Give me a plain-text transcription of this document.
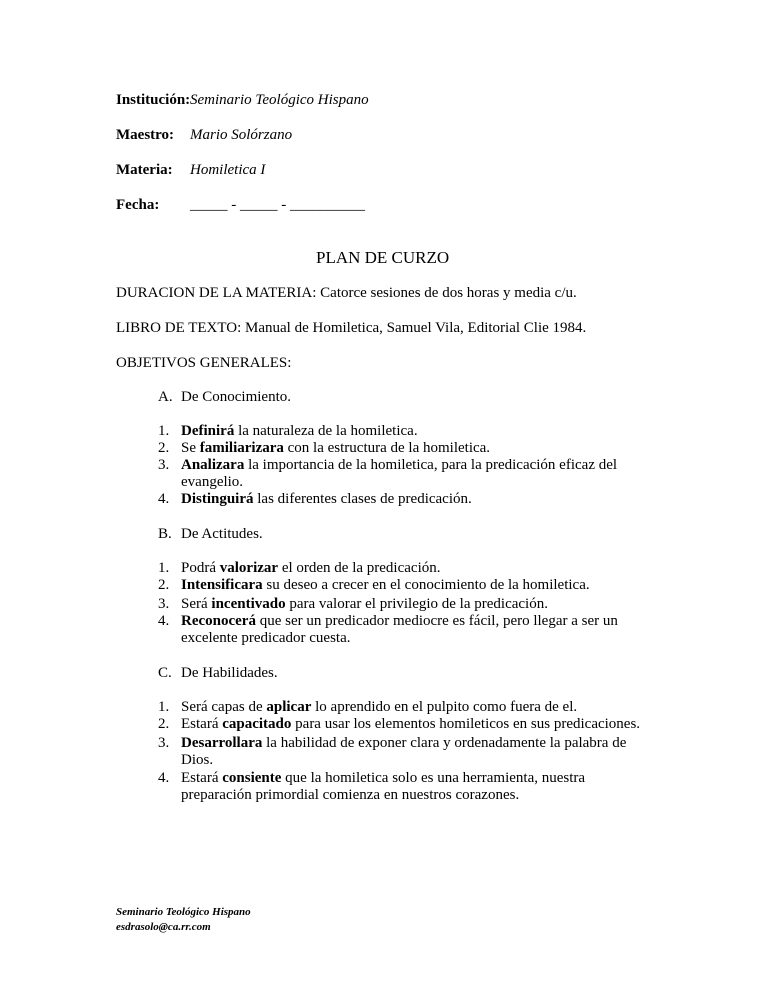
Institución: Seminario Teológico Hispano
Maestro: Mario Solórzano
Materia: Homiletica I
Fecha: _____ - _____ - __________
PLAN DE CURZO
DURACION DE LA MATERIA: Catorce sesiones de dos horas y media c/u.
LIBRO DE TEXTO: Manual de Homiletica, Samuel Vila, Editorial Clie 1984.
OBJETIVOS GENERALES:
A. De Conocimiento.
1. Definirá la naturaleza de la homiletica.
2. Se familiarizara con la estructura de la homiletica.
3. Analizara la importancia de la homiletica, para la predicación eficaz del evangelio.
4. Distinguirá las diferentes clases de predicación.
B. De Actitudes.
1. Podrá valorizar el orden de la predicación.
2. Intensificara su deseo a crecer en el conocimiento de la homiletica.
3. Será incentivado para valorar el privilegio de la predicación.
4. Reconocerá que ser un predicador mediocre es fácil, pero llegar a ser un excelente predicador cuesta.
C. De Habilidades.
1. Será capas de aplicar lo aprendido en el pulpito como fuera de el.
2. Estará capacitado para usar los elementos homileticos en sus predicaciones.
3. Desarrollara la habilidad de exponer clara y ordenadamente la palabra de Dios.
4. Estará consiente que la homiletica solo es una herramienta, nuestra preparación primordial comienza en nuestros corazones.
Seminario Teológico Hispano
esdrasolo@ca.rr.com
